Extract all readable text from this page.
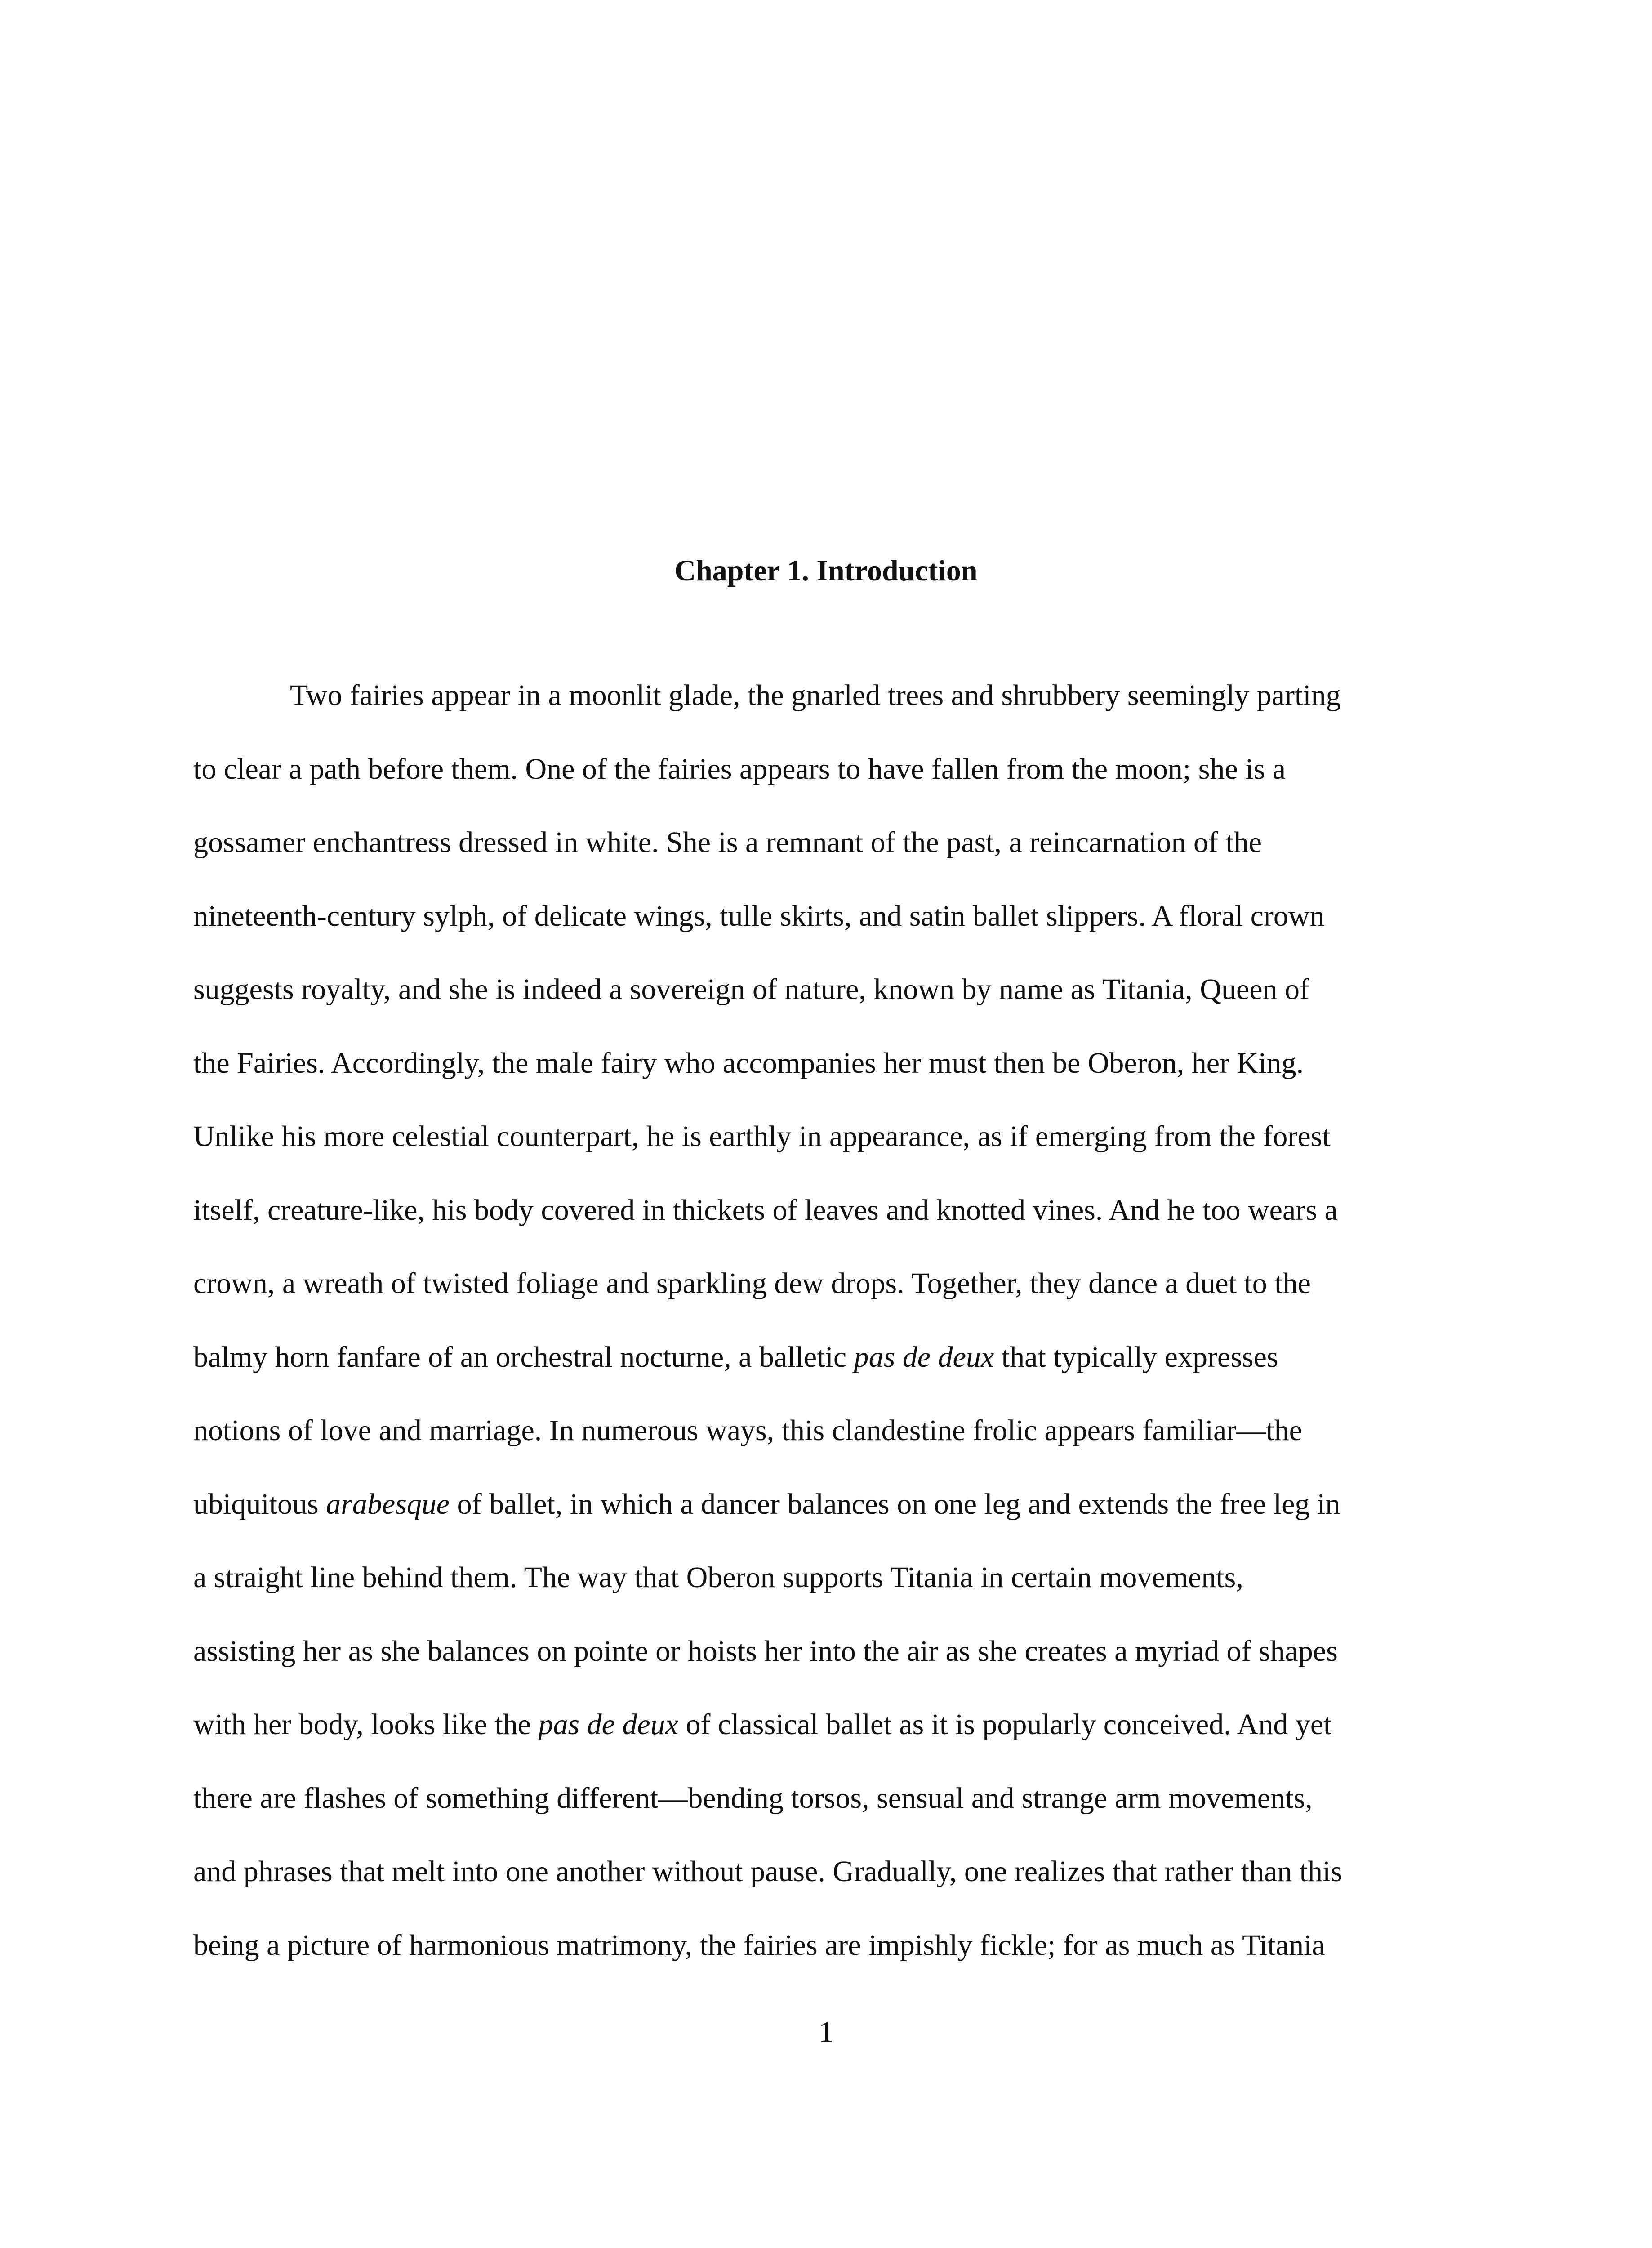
Chapter 1. Introduction
Two fairies appear in a moonlit glade, the gnarled trees and shrubbery seemingly parting
to clear a path before them. One of the fairies appears to have fallen from the moon; she is a
gossamer enchantress dressed in white. She is a remnant of the past, a reincarnation of the
nineteenth-century sylph, of delicate wings, tulle skirts, and satin ballet slippers. A floral crown
suggests royalty, and she is indeed a sovereign of nature, known by name as Titania, Queen of
the Fairies. Accordingly, the male fairy who accompanies her must then be Oberon, her King.
Unlike his more celestial counterpart, he is earthly in appearance, as if emerging from the forest
itself, creature-like, his body covered in thickets of leaves and knotted vines. And he too wears a
crown, a wreath of twisted foliage and sparkling dew drops. Together, they dance a duet to the
balmy horn fanfare of an orchestral nocturne, a balletic pas de deux that typically expresses
notions of love and marriage. In numerous ways, this clandestine frolic appears familiar—the
ubiquitous arabesque of ballet, in which a dancer balances on one leg and extends the free leg in
a straight line behind them. The way that Oberon supports Titania in certain movements,
assisting her as she balances on pointe or hoists her into the air as she creates a myriad of shapes
with her body, looks like the pas de deux of classical ballet as it is popularly conceived. And yet
there are flashes of something different—bending torsos, sensual and strange arm movements,
and phrases that melt into one another without pause. Gradually, one realizes that rather than this
being a picture of harmonious matrimony, the fairies are impishly fickle; for as much as Titania
1
